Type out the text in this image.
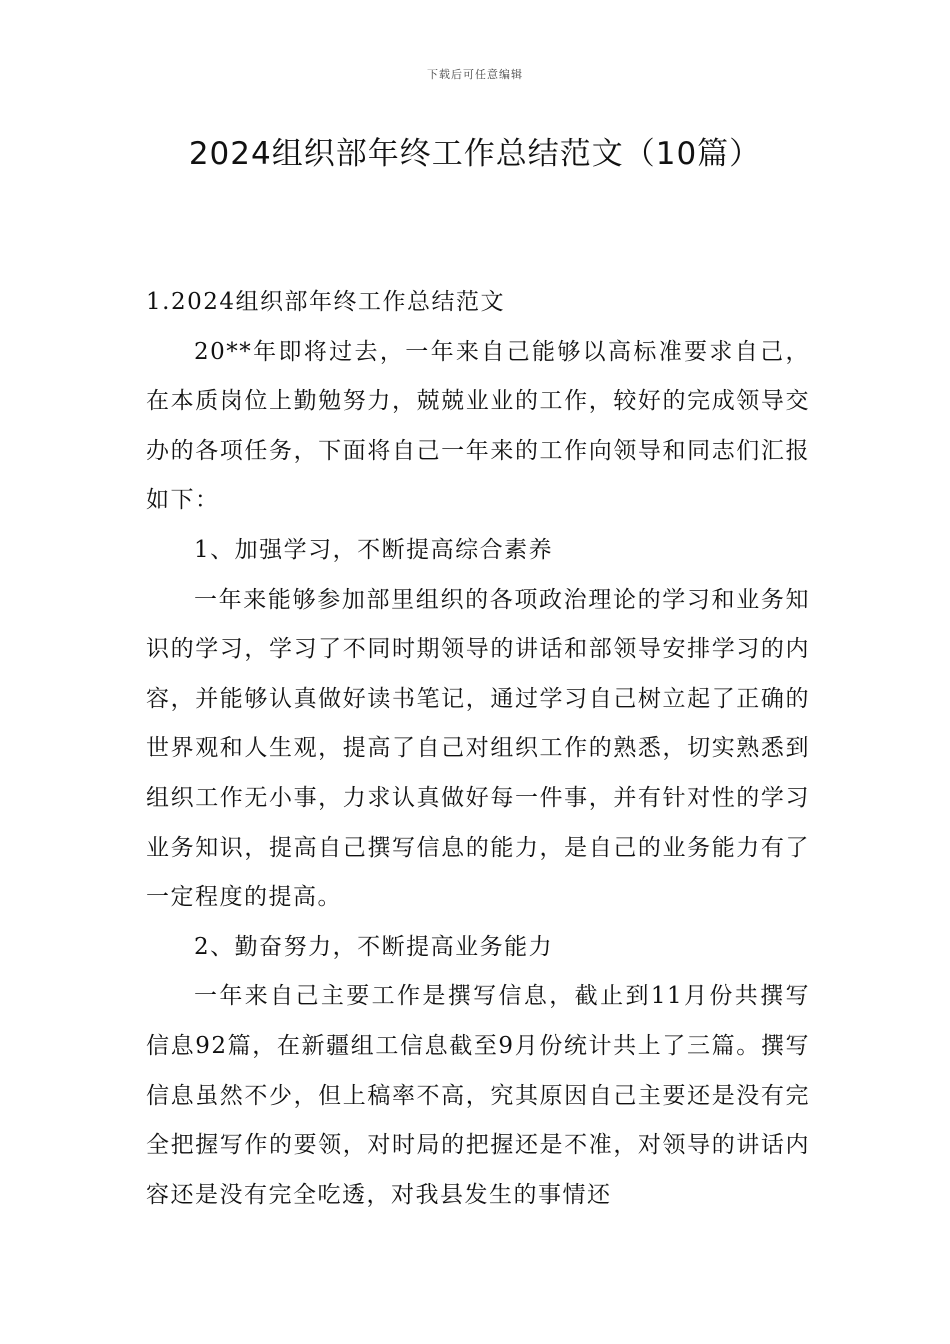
下载后可任意编辑
2024组织部年终工作总结范文（10篇）

1.2024组织部年终工作总结范文

20**年即将过去，一年来自己能够以高标准要求自己，在本质岗位上勤勉努力，兢兢业业的工作，较好的完成领导交办的各项任务，下面将自己一年来的工作向领导和同志们汇报如下：

1、加强学习，不断提高综合素养

一年来能够参加部里组织的各项政治理论的学习和业务知识的学习，学习了不同时期领导的讲话和部领导安排学习的内容，并能够认真做好读书笔记，通过学习自己树立起了正确的世界观和人生观，提高了自己对组织工作的熟悉，切实熟悉到组织工作无小事，力求认真做好每一件事，并有针对性的学习业务知识，提高自己撰写信息的能力，是自己的业务能力有了一定程度的提高。

2、勤奋努力，不断提高业务能力

一年来自己主要工作是撰写信息，截止到11月份共撰写信息92篇，在新疆组工信息截至9月份统计共上了三篇。撰写信息虽然不少，但上稿率不高，究其原因自己主要还是没有完全把握写作的要领，对时局的把握还是不准，对领导的讲话内容还是没有完全吃透，对我县发生的事情还
